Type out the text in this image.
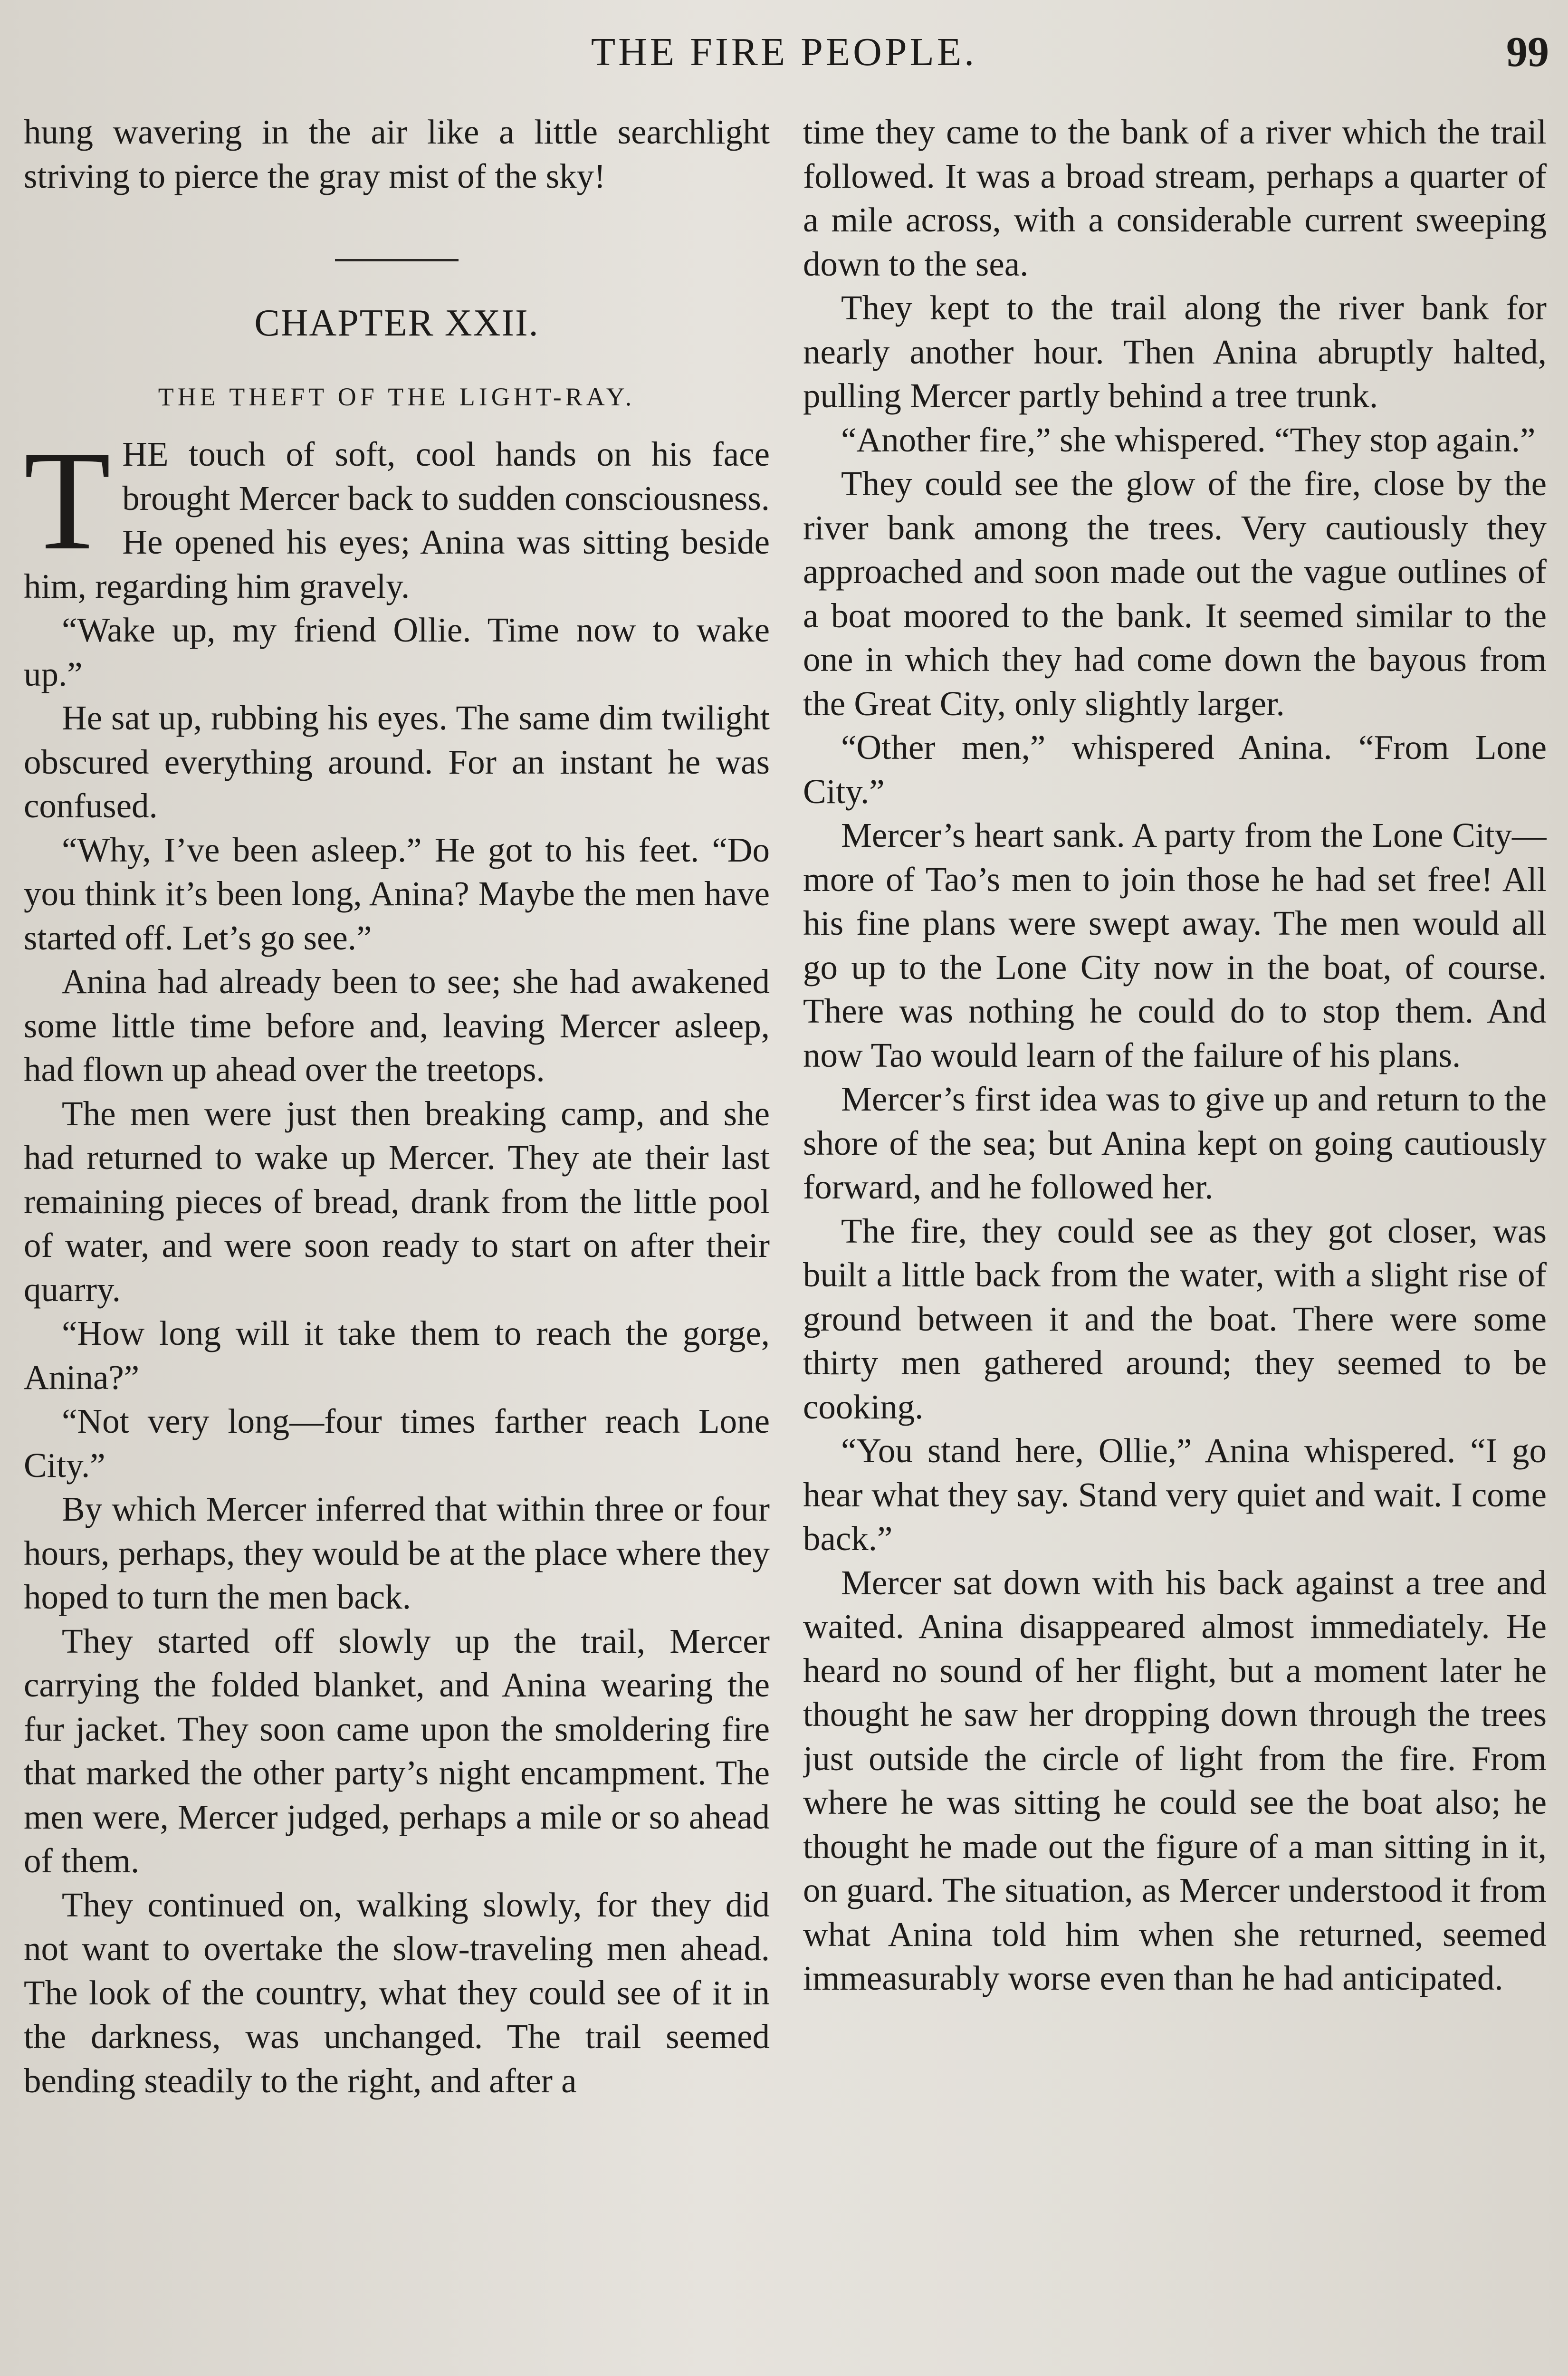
THE FIRE PEOPLE.	99

hung wavering in the air like a little searchlight striving to pierce the gray mist of the sky!

CHAPTER XXII.
THE THEFT OF THE LIGHT-RAY.

THE touch of soft, cool hands on his face brought Mercer back to sudden consciousness. He opened his eyes; Anina was sitting beside him, regarding him gravely.

“Wake up, my friend Ollie. Time now to wake up.”

He sat up, rubbing his eyes. The same dim twilight obscured everything around. For an instant he was confused.

“Why, I’ve been asleep.” He got to his feet. “Do you think it’s been long, Anina? Maybe the men have started off. Let’s go see.”

Anina had already been to see; she had awakened some little time before and, leaving Mercer asleep, had flown up ahead over the treetops.

The men were just then breaking camp, and she had returned to wake up Mercer. They ate their last remaining pieces of bread, drank from the little pool of water, and were soon ready to start on after their quarry.

“How long will it take them to reach the gorge, Anina?”

“Not very long—four times farther reach Lone City.”

By which Mercer inferred that within three or four hours, perhaps, they would be at the place where they hoped to turn the men back.

They started off slowly up the trail, Mercer carrying the folded blanket, and Anina wearing the fur jacket. They soon came upon the smoldering fire that marked the other party’s night encampment. The men were, Mercer judged, perhaps a mile or so ahead of them.

They continued on, walking slowly, for they did not want to overtake the slow-traveling men ahead. The look of the country, what they could see of it in the darkness, was unchanged. The trail seemed bending steadily to the right, and after a

time they came to the bank of a river which the trail followed. It was a broad stream, perhaps a quarter of a mile across, with a considerable current sweeping down to the sea.

They kept to the trail along the river bank for nearly another hour. Then Anina abruptly halted, pulling Mercer partly behind a tree trunk.

“Another fire,” she whispered. “They stop again.”

They could see the glow of the fire, close by the river bank among the trees. Very cautiously they approached and soon made out the vague outlines of a boat moored to the bank. It seemed similar to the one in which they had come down the bayous from the Great City, only slightly larger.

“Other men,” whispered Anina. “From Lone City.”

Mercer’s heart sank. A party from the Lone City—more of Tao’s men to join those he had set free! All his fine plans were swept away. The men would all go up to the Lone City now in the boat, of course. There was nothing he could do to stop them. And now Tao would learn of the failure of his plans.

Mercer’s first idea was to give up and return to the shore of the sea; but Anina kept on going cautiously forward, and he followed her.

The fire, they could see as they got closer, was built a little back from the water, with a slight rise of ground between it and the boat. There were some thirty men gathered around; they seemed to be cooking.

“You stand here, Ollie,” Anina whispered. “I go hear what they say. Stand very quiet and wait. I come back.”

Mercer sat down with his back against a tree and waited. Anina disappeared almost immediately. He heard no sound of her flight, but a moment later he thought he saw her dropping down through the trees just outside the circle of light from the fire. From where he was sitting he could see the boat also; he thought he made out the figure of a man sitting in it, on guard. The situation, as Mercer understood it from what Anina told him when she returned, seemed immeasurably worse even than he had anticipated.
